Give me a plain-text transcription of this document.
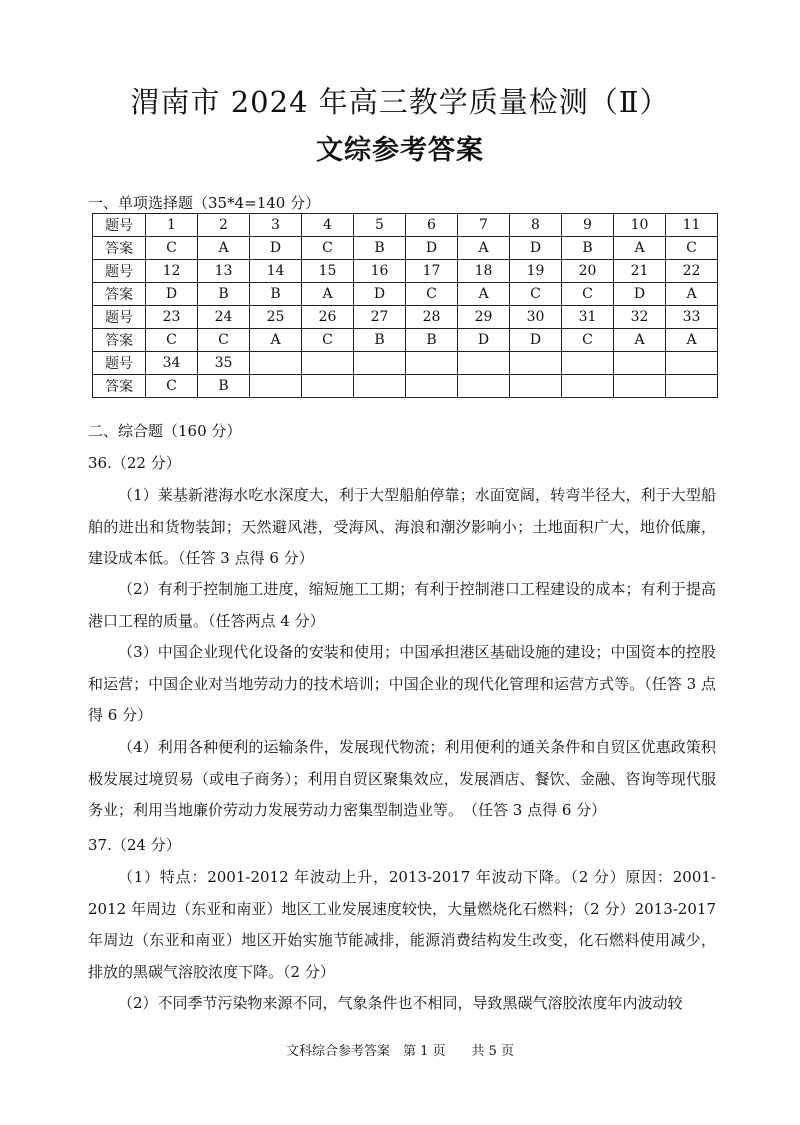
渭南市 2024 年高三教学质量检测（Ⅱ）
文综参考答案
一、单项选择题（35*4=140 分）
题号	1	2	3	4	5	6	7	8	9	10	11
答案	C	A	D	C	B	D	A	D	B	A	C
题号	12	13	14	15	16	17	18	19	20	21	22
答案	D	B	B	A	D	C	A	C	C	D	A
题号	23	24	25	26	27	28	29	30	31	32	33
答案	C	C	A	C	B	B	D	D	C	A	A
题号	34	35									
答案	C	B									
二、综合题（160 分）
36.（22 分）
（1）莱基新港海水吃水深度大，利于大型船舶停靠；水面宽阔，转弯半径大，利于大型船舶的进出和货物装卸；天然避风港，受海风、海浪和潮汐影响小；土地面积广大，地价低廉，建设成本低。（任答 3 点得 6 分）
（2）有利于控制施工进度，缩短施工工期；有利于控制港口工程建设的成本；有利于提高港口工程的质量。（任答两点 4 分）
（3）中国企业现代化设备的安装和使用；中国承担港区基础设施的建设；中国资本的控股和运营；中国企业对当地劳动力的技术培训；中国企业的现代化管理和运营方式等。（任答 3 点得 6 分）
（4）利用各种便利的运输条件，发展现代物流；利用便利的通关条件和自贸区优惠政策积极发展过境贸易（或电子商务）；利用自贸区聚集效应，发展酒店、餐饮、金融、咨询等现代服务业；利用当地廉价劳动力发展劳动力密集型制造业等。　（任答 3 点得 6 分）
37.（24 分）
（1）特点：2001-2012 年波动上升，2013-2017 年波动下降。（2 分）原因：2001-2012 年周边（东亚和南亚）地区工业发展速度较快，大量燃烧化石燃料；（2 分）2013-2017 年周边（东亚和南亚）地区开始实施节能减排，能源消费结构发生改变，化石燃料使用减少，排放的黑碳气溶胶浓度下降。（2 分）
（2）不同季节污染物来源不同，气象条件也不相同，导致黑碳气溶胶浓度年内波动较
文科综合参考答案　第 1 页　　共 5 页
